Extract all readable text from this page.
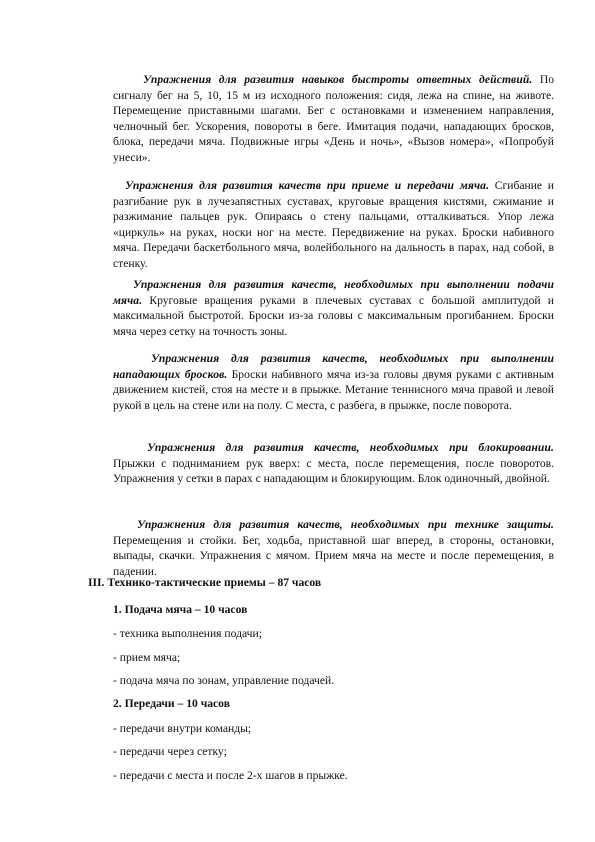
Упражнения для развития навыков быстроты ответных действий. По сигналу бег на 5, 10, 15 м из исходного положения: сидя, лежа на спине, на животе. Перемещение приставными шагами. Бег с остановками и изменением направления, челночный бег. Ускорения, повороты в беге. Имитация подачи, нападающих бросков, блока, передачи мяча. Подвижные игры «День и ночь», «Вызов номера», «Попробуй унеси».

Упражнения для развития качеств при приеме и передачи мяча. Сгибание и разгибание рук в лучезапястных суставах, круговые вращения кистями, сжимание и разжимание пальцев рук. Опираясь о стену пальцами, отталкиваться. Упор лежа «циркуль» на руках, носки ног на месте. Передвижение на руках. Броски набивного мяча. Передачи баскетбольного мяча, волейбольного на дальность в парах, над собой, в стенку.

Упражнения для развития качеств, необходимых при выполнении подачи мяча. Круговые вращения руками в плечевых суставах с большой амплитудой и максимальной быстротой. Броски из-за головы с максимальным прогибанием. Броски мяча через сетку на точность зоны.

Упражнения для развития качеств, необходимых при выполнении нападающих бросков. Броски набивного мяча из-за головы двумя руками с активным движением кистей, стоя на месте и в прыжке. Метание теннисного мяча правой и левой рукой в цель на стене или на полу. С места, с разбега, в прыжке, после поворота.

Упражнения для развития качеств, необходимых при блокировании. Прыжки с подниманием рук вверх: с места, после перемещения, после поворотов. Упражнения у сетки в парах с нападающим и блокирующим. Блок одиночный, двойной.

Упражнения для развития качеств, необходимых при технике защиты. Перемещения и стойки. Бег, ходьба, приставной шаг вперед, в стороны, остановки, выпады, скачки. Упражнения с мячом. Прием мяча на месте и после перемещения, в падении.

III. Технико-тактические приемы – 87 часов

1. Подача мяча – 10 часов

- техника выполнения подачи;

- прием мяча;

- подача мяча по зонам, управление подачей.

2. Передачи – 10 часов

- передачи внутри команды;

- передачи через сетку;

- передачи с места и после 2-х шагов в прыжке.
